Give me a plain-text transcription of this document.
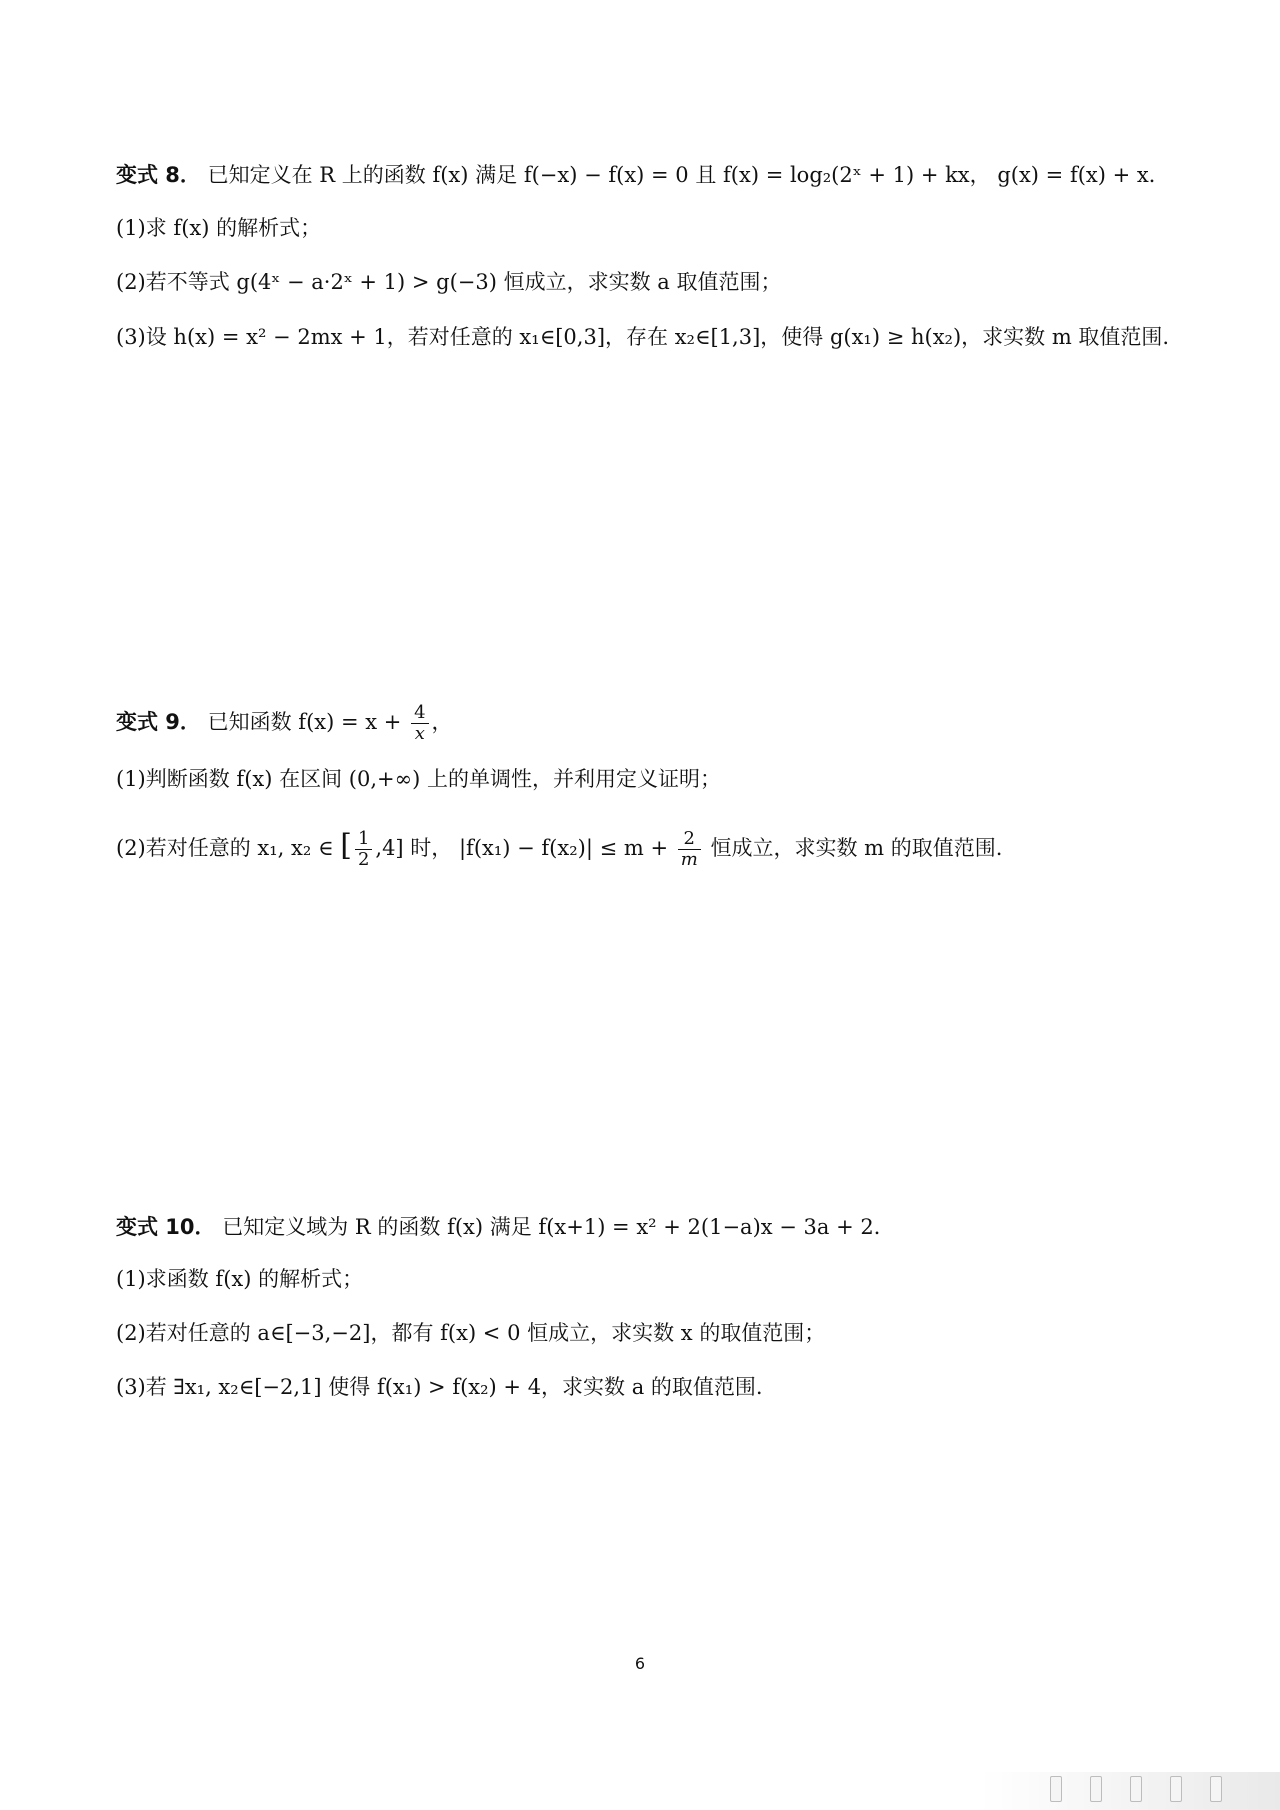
变式 8． 已知定义在 R 上的函数 f(x) 满足 f(−x) − f(x) = 0 且 f(x) = log₂(2ˣ + 1) + kx， g(x) = f(x) + x．
(1)求 f(x) 的解析式；
(2)若不等式 g(4ˣ − a·2ˣ + 1) > g(−3) 恒成立，求实数 a 取值范围；
(3)设 h(x) = x² − 2mx + 1，若对任意的 x₁∈[0,3]，存在 x₂∈[1,3]，使得 g(x₁) ≥ h(x₂)，求实数 m 取值范围.
变式 9． 已知函数 $f(x) = x + \frac{4}{x}$ ，
(1)判断函数 f(x) 在区间 (0,+∞) 上的单调性，并利用定义证明；
(2)若对任意的 x₁, x₂ ∈ [ $\frac{1}{2} ,4$] 时， $|f(x_1) - f(x_2)| \le m + \frac{2}{m}$ 恒成立，求实数 m 的取值范围.
变式 10． 已知定义域为 R 的函数 f(x) 满足 f(x+1) = x² + 2(1−a)x − 3a + 2．
(1)求函数 f(x) 的解析式；
(2)若对任意的 a∈[−3,−2]，都有 f(x) < 0 恒成立，求实数 x 的取值范围；
(3)若 ∃x₁, x₂∈[−2,1] 使得 f(x₁) > f(x₂) + 4，求实数 a 的取值范围.
6
